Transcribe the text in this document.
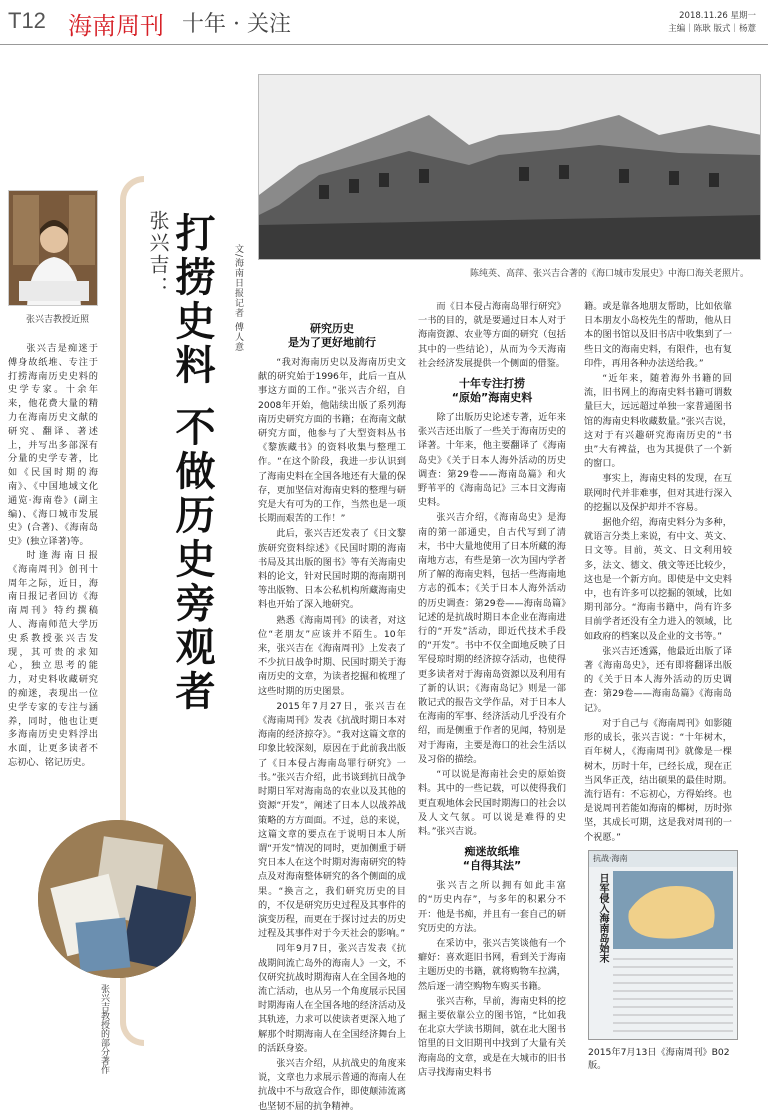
T12 海南周刊 十年 · 关注	2018.11.26 星期一
主编｜陈耿 版式｜杨薏
陈纯英、高萍、张兴吉合著的《海口城市发展史》中海口海关老照片。
张兴吉教授近照

张兴吉是痴迷于傅身故纸堆、专注于打捞海南历史史料的史学专家。十余年来，他花费大量的精力在海南历史文献的研究、翻译、著述上，并写出多部深有分量的史学专著，比如《民国时期的海南》、《中国地域文化通览·海南卷》(副主编)、《海口城市发展史》(合著)、《海南岛史》(独立译著)等。

时逢海南日报《海南周刊》创刊十周年之际，近日，海南日报记者回访《海南周刊》特约撰稿人、海南师范大学历史系教授张兴吉发现，其可贵的求知心，独立思考的能力，对史料收藏研究的痴迷，表现出一位史学专家的专注与涵养，同时，他也让更多海南历史史料浮出水面，让更多读者不忘初心、铭记历史。

张兴吉： 打捞史料 不做历史旁观者 文/海南日报记者 傅人意
张兴吉教授的部分著作
研究历史
是为了更好地前行

“我对海南历史以及海南历史文献的研究始于1996年，此后一直从事这方面的工作。”张兴吉介绍，自2008年开始，他陆续出版了系列海南历史研究方面的书籍；在海南文献研究方面，他参与了大型资料丛书《黎族藏书》的资料收集与整理工作。“在这个阶段，我进一步认识到了海南史料在全国各地还有大量的保存，更加坚信对海南史料的整理与研究是大有可为的工作，当然也是一项长期而艰苦的工作！”

此后，张兴吉还发表了《日文黎族研究资料综述》《民国时期的海南书局及其出版的图书》等有关海南史料的论文，针对民国时期的海南期刊等出版物、日本公私机构所藏海南史料也开始了深入地研究。

熟悉《海南周刊》的读者，对这位“老朋友”应该并不陌生。10年来，张兴吉在《海南周刊》上发表了不少抗日战争时期、民国时期关于海南历史的文章，为读者挖掘和梳理了这些时期的历史图景。

2015年7月27日，张兴吉在《海南周刊》发表《抗战时期日本对海南的经济掠夺》。“我对这篇文章的印象比较深刻，原因在于此前我出版了《日本侵占海南岛罪行研究》一书。”张兴吉介绍，此书谈到抗日战争时期日军对海南岛的农业以及其他的资源“开发”，阐述了日本人以战养战策略的方方面面。不过，总的来说，这篇文章的要点在于说明日本人所谓“开发”情况的同时，更加侧重于研究日本人在这个时期对海南研究的特点及对海南整体研究的各个侧面的成果。“换言之，我们研究历史的目的，不仅是研究历史过程及其事件的演变历程，而更在于探讨过去的历史过程及其事件对于今天社会的影响。”

同年9月7日，张兴吉发表《抗战期间流亡岛外的海南人》一文，不仅研究抗战时期海南人在全国各地的流亡活动，也从另一个角度展示民国时期海南人在全国各地的经济活动及其轨迹，力求可以使读者更深入地了解那个时期海南人在全国经济舞台上的活跃身姿。

张兴吉介绍，从抗战史的角度来说，文章也力求展示普通的海南人在抗战中不与敌寇合作，即使颠沛流离也坚韧不屈的抗争精神。

而《日本侵占海南岛罪行研究》一书的目的，就是要通过日本人对于海南资源、农业等方面的研究（包括其中的一些结论），从而为今天海南社会经济发展提供一个侧面的借鉴。

十年专注打捞
“原始”海南史料

除了出版历史论述专著，近年来张兴吉还出版了一些关于海南历史的译著。十年来，他主要翻译了《海南岛史》《关于日本人海外活动的历史调查：第29卷——海南岛篇》和火野苇平的《海南岛记》三本日文海南史料。

张兴吉介绍，《海南岛史》是海南的第一部通史，自古代写到了清末，书中大量地使用了日本所藏的海南地方志，有些是第一次为国内学者所了解的海南史料，包括一些海南地方志的孤本；《关于日本人海外活动的历史调查：第29卷——海南岛篇》记述的是抗战时期日本企业在海南进行的“开发”活动，即近代技术手段的“开发”。书中不仅全面地反映了日军侵琼时期的经济掠夺活动，也使得更多读者对于海南岛资源以及利用有了新的认识；《海南岛记》则是一部散记式的报告文学作品，对于日本人在海南的军事、经济活动几乎没有介绍，而是侧重于作者的见闻，特别是对于海南，主要是海口的社会生活以及习俗的描绘。

“可以说是海南社会史的原始资料。其中的一些记载，可以使得我们更直观地体会民国时期海口的社会以及人文气氛。可以说是难得的史料。”张兴吉说。

痴迷故纸堆
“自得其法”

张兴吉之所以拥有如此丰富的“历史内存”，与多年的积累分不开：他是书痴，并且有一套自己的研究历史的方法。

在采访中，张兴吉笑谈他有一个癖好：喜欢逛旧书网，看到关于海南主题历史的书籍，就将购物车拉满，然后逐一清空购物车购买书籍。

张兴吉称，早前，海南史料的挖掘主要依靠公立的图书馆，“比如我在北京大学读书期间，就在北大图书馆里的日文旧期刊中找到了大量有关海南岛的文章，或是在大城市的旧书店寻找海南史料书

籍。或是靠各地朋友帮助，比如依靠日本朋友小岛校先生的帮助，他从日本的图书馆以及旧书店中收集到了一些日文的海南史料，有限件，也有复印件，再用各种办法送给我。”

“近年来，随着海外书籍的回流，旧书网上的海南史料书籍可谓数量巨大，远远超过单独一家普通图书馆的海南史料收藏数量。”张兴吉说，这对于有兴趣研究海南历史的“书虫”大有裨益，也为其提供了一个新的窗口。

事实上，海南史料的发现，在互联网时代并非难事，但对其进行深入的挖掘以及保护却并不容易。

据他介绍，海南史料分为多种，就语言分类上来说，有中文、英文、日文等。目前，英文、日文利用较多，法文、德文、俄文等还比较少，这也是一个新方向。即使是中文史料中，也有许多可以挖掘的领域，比如期刊部分。“海南书籍中，尚有许多目前学者还没有全力进入的领域，比如政府的档案以及企业的文书等。”

张兴吉还透露，他最近出版了译著《海南岛史》，还有即将翻译出版的《关于日本人海外活动的历史调查：第29卷——海南岛篇》《海南岛记》。

对于自己与《海南周刊》如影随形的成长，张兴吉说：“十年树木，百年树人，《海南周刊》就像是一棵树木，历时十年，已经长成，现在正当风华正茂，结出硕果的最佳时期。流行语有：不忘初心，方得始终。也是说周刊若能如海南的椰树，历时弥坚，其成长可期，这是我对周刊的一个祝愿。”

抗战·海南
日军侵入海南岛始末
2015年7月13日《海南周刊》B02版。
